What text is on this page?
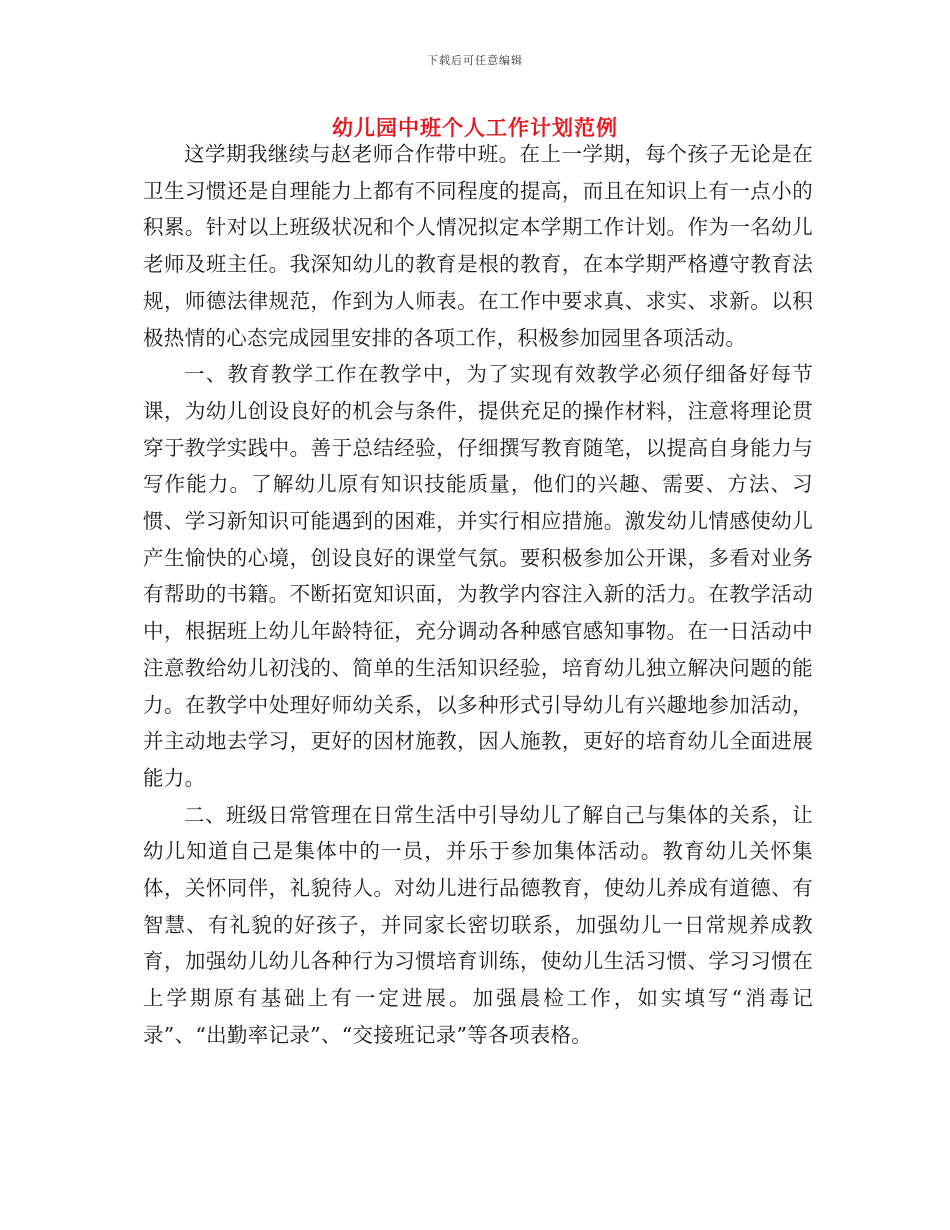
下载后可任意编辑
幼儿园中班个人工作计划范例

这学期我继续与赵老师合作带中班。在上一学期，每个孩子无论是在卫生习惯还是自理能力上都有不同程度的提高，而且在知识上有一点小的积累。针对以上班级状况和个人情况拟定本学期工作计划。作为一名幼儿老师及班主任。我深知幼儿的教育是根的教育，在本学期严格遵守教育法规，师德法律规范，作到为人师表。在工作中要求真、求实、求新。以积极热情的心态完成园里安排的各项工作，积极参加园里各项活动。

一、教育教学工作在教学中，为了实现有效教学必须仔细备好每节课，为幼儿创设良好的机会与条件，提供充足的操作材料，注意将理论贯穿于教学实践中。善于总结经验，仔细撰写教育随笔，以提高自身能力与写作能力。了解幼儿原有知识技能质量，他们的兴趣、需要、方法、习惯、学习新知识可能遇到的困难，并实行相应措施。激发幼儿情感使幼儿产生愉快的心境，创设良好的课堂气氛。要积极参加公开课，多看对业务有帮助的书籍。不断拓宽知识面，为教学内容注入新的活力。在教学活动中，根据班上幼儿年龄特征，充分调动各种感官感知事物。在一日活动中注意教给幼儿初浅的、简单的生活知识经验，培育幼儿独立解决问题的能力。在教学中处理好师幼关系，以多种形式引导幼儿有兴趣地参加活动，并主动地去学习，更好的因材施教，因人施教，更好的培育幼儿全面进展能力。

二、班级日常管理在日常生活中引导幼儿了解自己与集体的关系，让幼儿知道自己是集体中的一员，并乐于参加集体活动。教育幼儿关怀集体，关怀同伴，礼貌待人。对幼儿进行品德教育，使幼儿养成有道德、有智慧、有礼貌的好孩子，并同家长密切联系，加强幼儿一日常规养成教育，加强幼儿幼儿各种行为习惯培育训练，使幼儿生活习惯、学习习惯在上学期原有基础上有一定进展。加强晨检工作，如实填写“消毒记录”、“出勤率记录”、“交接班记录”等各项表格。
